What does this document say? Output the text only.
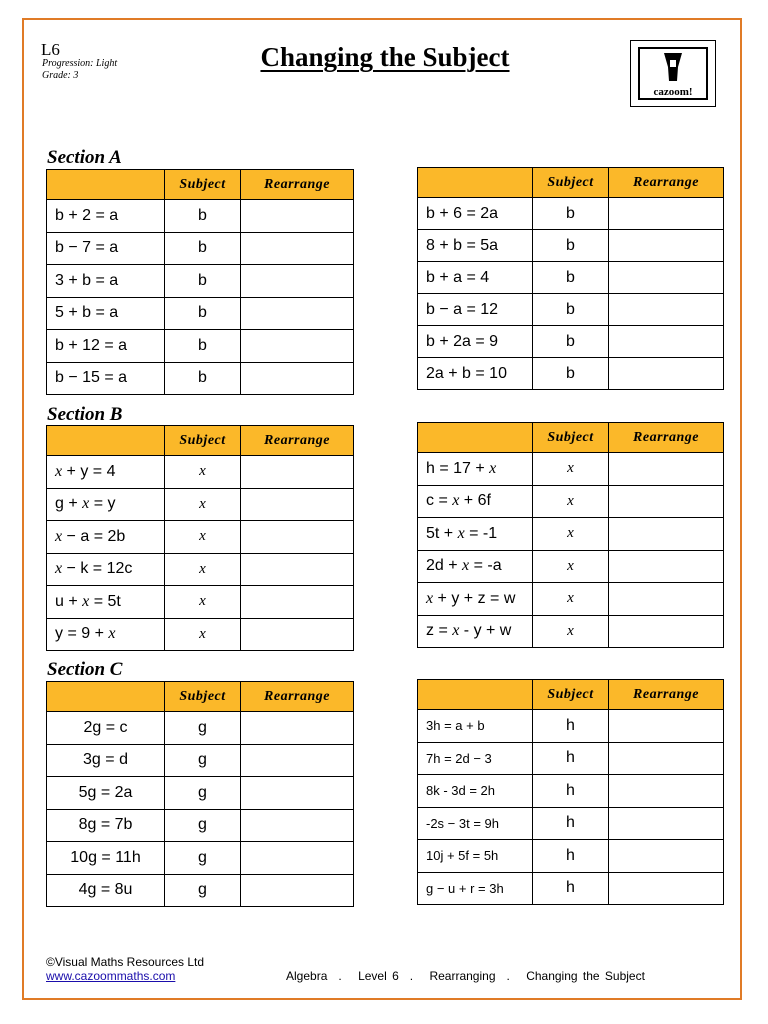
L6
Progression: Light
Grade: 3
Changing the Subject
cazoom!
Section A
Section B
Section C
	Subject	Rearrange
b + 2 = a	b	
b − 7 = a	b	
3 + b = a	b	
5 + b = a	b	
b + 12 = a	b	
b − 15 = a	b	
	Subject	Rearrange
b + 6 = 2a	b	
8 + b = 5a	b	
b + a = 4	b	
b − a = 12	b	
b + 2a = 9	b	
2a + b = 10	b	
	Subject	Rearrange
x + y = 4	x	
g + x = y	x	
x − a = 2b	x	
x − k = 12c	x	
u + x = 5t	x	
y = 9 + x	x	
	Subject	Rearrange
h = 17 + x	x	
c = x + 6f	x	
5t + x = -1	x	
2d + x = -a	x	
x + y + z = w	x	
z = x - y + w	x	
	Subject	Rearrange
2g = c	g	
3g = d	g	
5g = 2a	g	
8g = 7b	g	
10g = 11h	g	
4g = 8u	g	
	Subject	Rearrange
3h = a + b	h	
7h = 2d − 3	h	
8k - 3d = 2h	h	
-2s − 3t = 9h	h	
10j + 5f = 5h	h	
g − u + r = 3h	h	
©Visual Maths Resources Ltd
www.cazoommaths.com	Algebra . Level 6 . Rearranging . Changing the Subject
